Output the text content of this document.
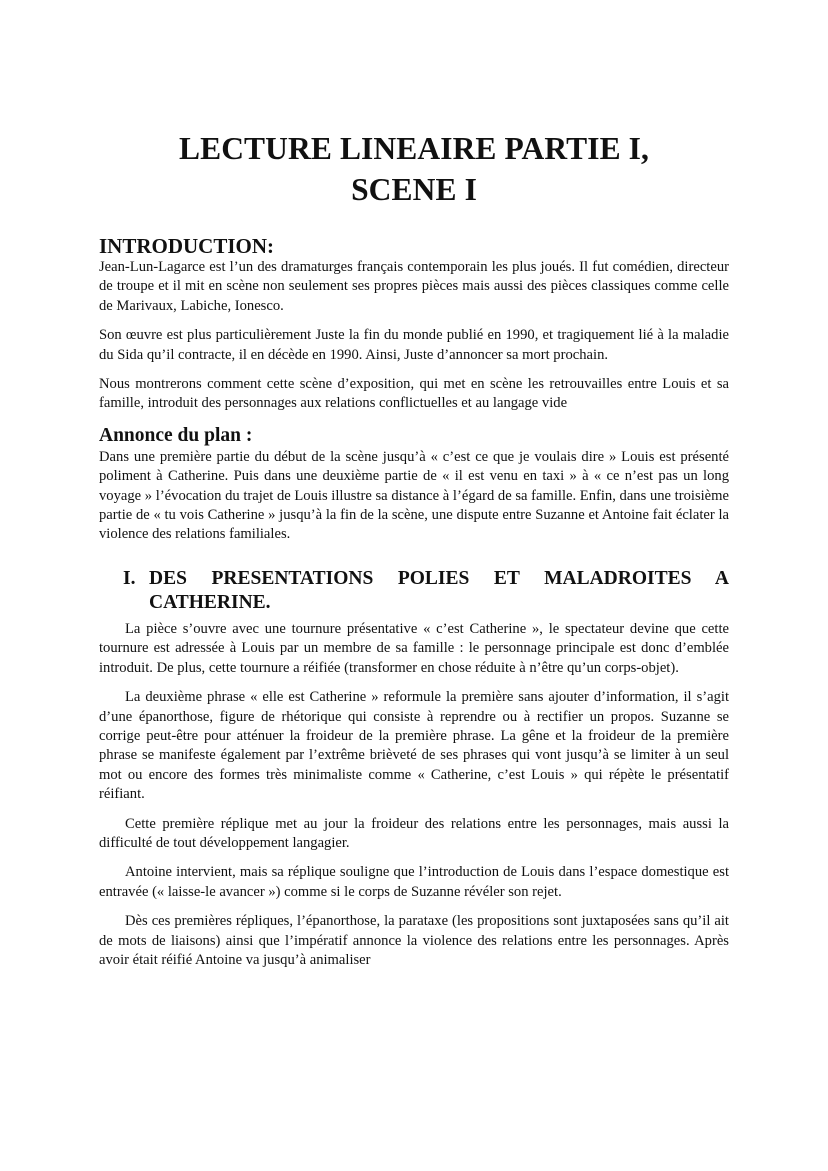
LECTURE LINEAIRE PARTIE I,
SCENE I
INTRODUCTION:

Jean-Lun-Lagarce est l’un des dramaturges français contemporain les plus joués. Il fut comédien, directeur de troupe et il mit en scène non seulement ses propres pièces mais aussi des pièces classiques comme celle de Marivaux, Labiche, Ionesco.

Son œuvre est plus particulièrement Juste la fin du monde publié en 1990, et tragiquement lié à la maladie du Sida qu’il contracte, il en décède en 1990. Ainsi, Juste d’annoncer sa mort prochain.

Nous montrerons comment cette scène d’exposition, qui met en scène les retrouvailles entre Louis et sa famille, introduit des personnages aux relations conflictuelles et au langage vide

Annonce du plan :

Dans une première partie du début de la scène jusqu’à « c’est ce que je voulais dire » Louis est présenté poliment à Catherine. Puis dans une deuxième partie de « il est venu en taxi » à « ce n’est pas un long voyage » l’évocation du trajet de Louis illustre sa distance à l’égard de sa famille. Enfin, dans une troisième partie de « tu vois Catherine » jusqu’à la fin de la scène, une dispute entre Suzanne et Antoine fait éclater la violence des relations familiales.

I. DES PRESENTATIONS POLIES ET MALADROITES A CATHERINE.

La pièce s’ouvre avec une tournure présentative « c’est Catherine », le spectateur devine que cette tournure est adressée à Louis par un membre de sa famille : le personnage principale est donc d’emblée introduit. De plus, cette tournure a réifiée (transformer en chose réduite à n’être qu’un corps-objet).

La deuxième phrase « elle est Catherine » reformule la première sans ajouter d’information, il s’agit d’une épanorthose, figure de rhétorique qui consiste à reprendre ou à rectifier un propos. Suzanne se corrige peut-être pour atténuer la froideur de la première phrase. La gêne et la froideur de la première phrase se manifeste également par l’extrême brièveté de ses phrases qui vont jusqu’à se limiter à un seul mot ou encore des formes très minimaliste comme « Catherine, c’est Louis » qui répète le présentatif réifiant.

Cette première réplique met au jour la froideur des relations entre les personnages, mais aussi la difficulté de tout développement langagier.

Antoine intervient, mais sa réplique souligne que l’introduction de Louis dans l’espace domestique est entravée (« laisse-le avancer ») comme si le corps de Suzanne révéler son rejet.

Dès ces premières répliques, l’épanorthose, la parataxe (les propositions sont juxtaposées sans qu’il ait de mots de liaisons) ainsi que l’impératif annonce la violence des relations entre les personnages. Après avoir était réifié Antoine va jusqu’à animaliser
